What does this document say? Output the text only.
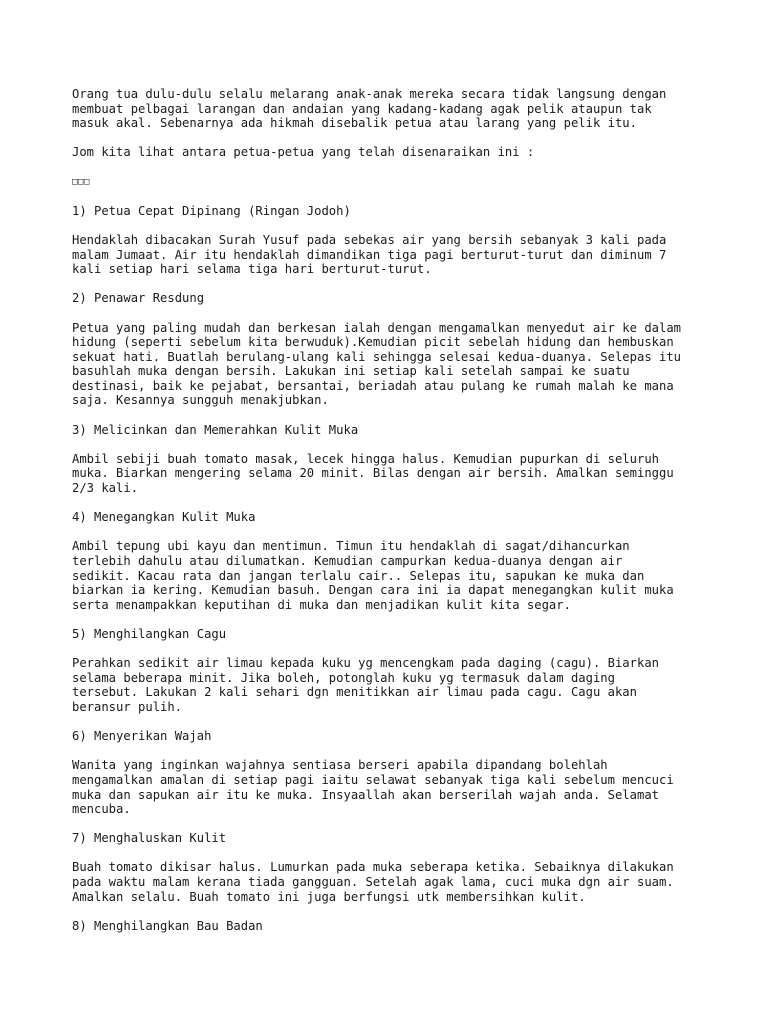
Orang tua dulu-dulu selalu melarang anak-anak mereka secara tidak langsung dengan
membuat pelbagai larangan dan andaian yang kadang-kadang agak pelik ataupun tak
masuk akal. Sebenarnya ada hikmah disebalik petua atau larang yang pelik itu.

Jom kita lihat antara petua-petua yang telah disenaraikan ini :

□□□

1) Petua Cepat Dipinang (Ringan Jodoh)

Hendaklah dibacakan Surah Yusuf pada sebekas air yang bersih sebanyak 3 kali pada
malam Jumaat. Air itu hendaklah dimandikan tiga pagi berturut-turut dan diminum 7
kali setiap hari selama tiga hari berturut-turut.

2) Penawar Resdung

Petua yang paling mudah dan berkesan ialah dengan mengamalkan menyedut air ke dalam
hidung (seperti sebelum kita berwuduk).Kemudian picit sebelah hidung dan hembuskan
sekuat hati. Buatlah berulang-ulang kali sehingga selesai kedua-duanya. Selepas itu
basuhlah muka dengan bersih. Lakukan ini setiap kali setelah sampai ke suatu
destinasi, baik ke pejabat, bersantai, beriadah atau pulang ke rumah malah ke mana
saja. Kesannya sungguh menakjubkan.

3) Melicinkan dan Memerahkan Kulit Muka

Ambil sebiji buah tomato masak, lecek hingga halus. Kemudian pupurkan di seluruh
muka. Biarkan mengering selama 20 minit. Bilas dengan air bersih. Amalkan seminggu
2/3 kali.

4) Menegangkan Kulit Muka

Ambil tepung ubi kayu dan mentimun. Timun itu hendaklah di sagat/dihancurkan
terlebih dahulu atau dilumatkan. Kemudian campurkan kedua-duanya dengan air
sedikit. Kacau rata dan jangan terlalu cair.. Selepas itu, sapukan ke muka dan
biarkan ia kering. Kemudian basuh. Dengan cara ini ia dapat menegangkan kulit muka
serta menampakkan keputihan di muka dan menjadikan kulit kita segar.

5) Menghilangkan Cagu

Perahkan sedikit air limau kepada kuku yg mencengkam pada daging (cagu). Biarkan
selama beberapa minit. Jika boleh, potonglah kuku yg termasuk dalam daging
tersebut. Lakukan 2 kali sehari dgn menitikkan air limau pada cagu. Cagu akan
beransur pulih.

6) Menyerikan Wajah

Wanita yang inginkan wajahnya sentiasa berseri apabila dipandang bolehlah
mengamalkan amalan di setiap pagi iaitu selawat sebanyak tiga kali sebelum mencuci
muka dan sapukan air itu ke muka. Insyaallah akan berserilah wajah anda. Selamat
mencuba.

7) Menghaluskan Kulit

Buah tomato dikisar halus. Lumurkan pada muka seberapa ketika. Sebaiknya dilakukan
pada waktu malam kerana tiada gangguan. Setelah agak lama, cuci muka dgn air suam.
Amalkan selalu. Buah tomato ini juga berfungsi utk membersihkan kulit.

8) Menghilangkan Bau Badan
